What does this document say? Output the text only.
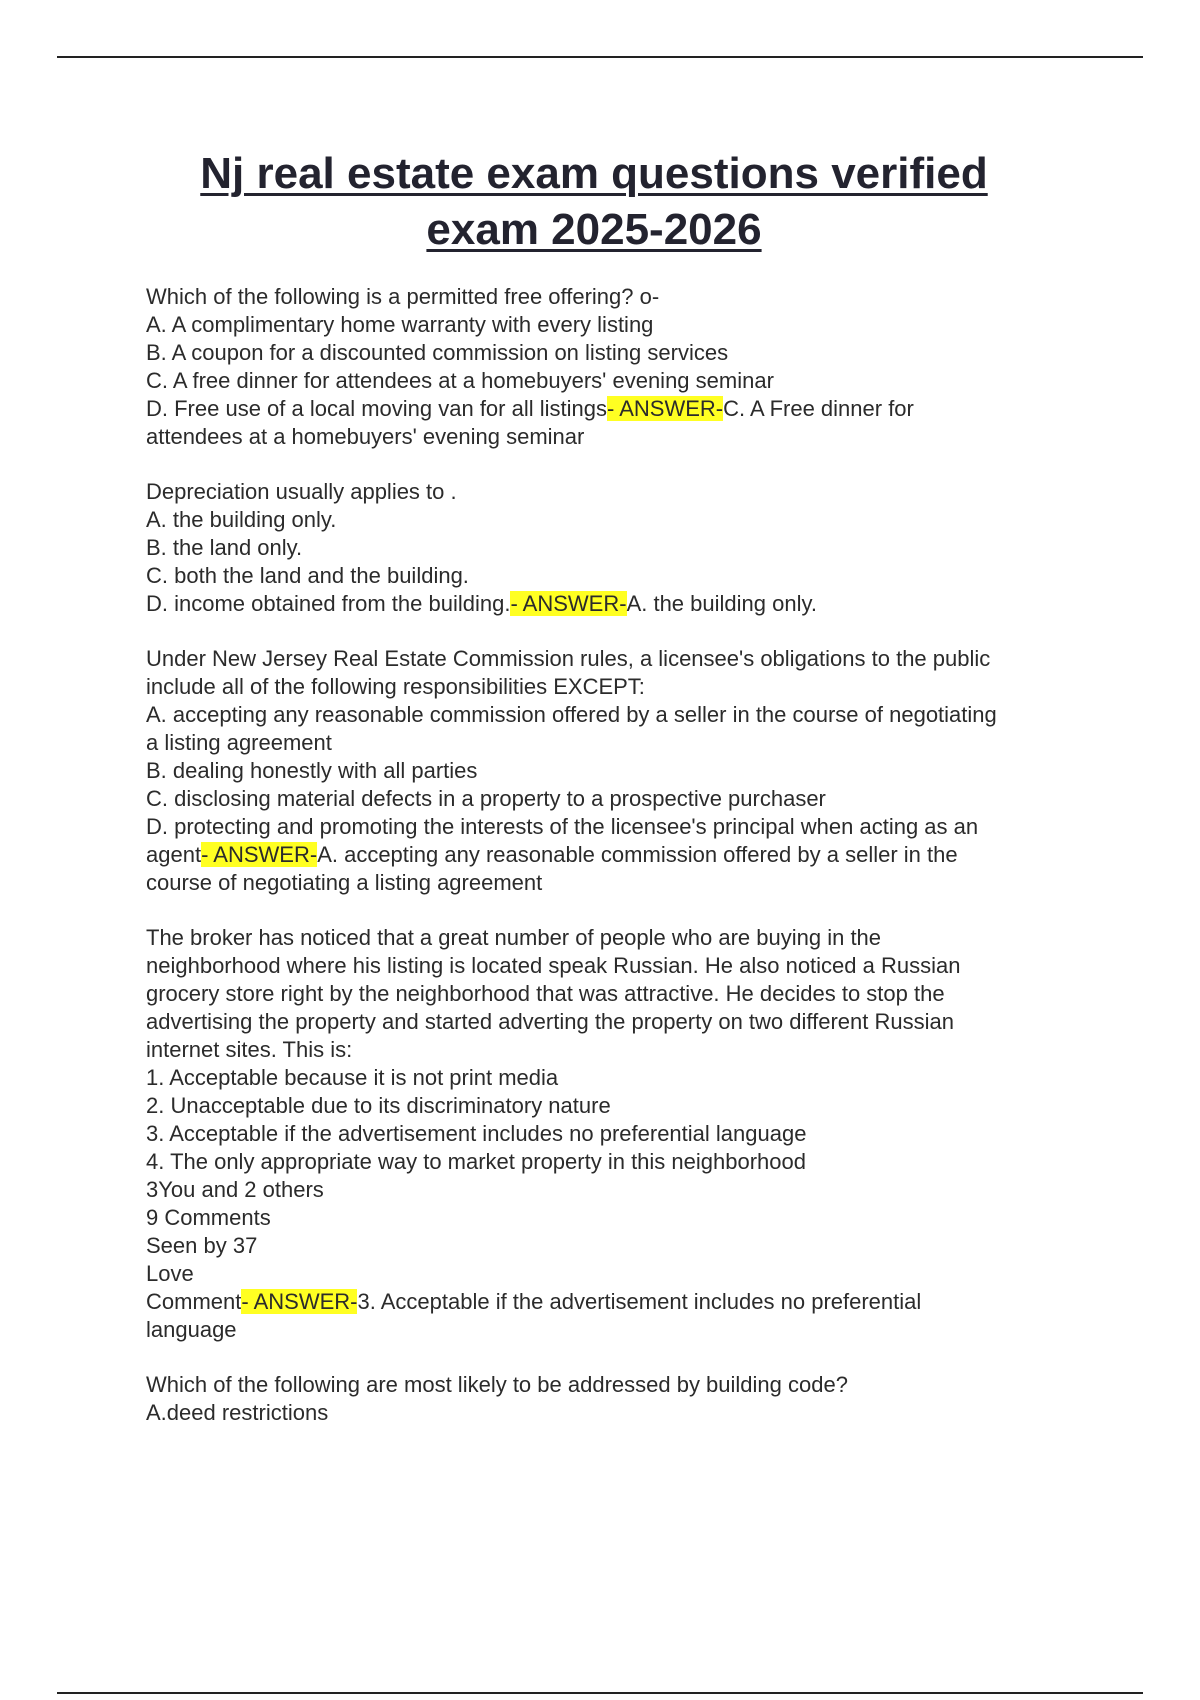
Nj real estate exam questions verified
exam 2025-2026
Which of the following is a permitted free offering? o-
A. A complimentary home warranty with every listing
B. A coupon for a discounted commission on listing services
C. A free dinner for attendees at a homebuyers' evening seminar
D. Free use of a local moving van for all listings- ANSWER-C. A Free dinner for
attendees at a homebuyers' evening seminar
Depreciation usually applies to .
A. the building only.
B. the land only.
C. both the land and the building.
D. income obtained from the building.- ANSWER-A. the building only.
Under New Jersey Real Estate Commission rules, a licensee's obligations to the public
include all of the following responsibilities EXCEPT:
A. accepting any reasonable commission offered by a seller in the course of negotiating
a listing agreement
B. dealing honestly with all parties
C. disclosing material defects in a property to a prospective purchaser
D. protecting and promoting the interests of the licensee's principal when acting as an
agent- ANSWER-A. accepting any reasonable commission offered by a seller in the
course of negotiating a listing agreement
The broker has noticed that a great number of people who are buying in the
neighborhood where his listing is located speak Russian. He also noticed a Russian
grocery store right by the neighborhood that was attractive. He decides to stop the
advertising the property and started adverting the property on two different Russian
internet sites. This is:
1. Acceptable because it is not print media
2. Unacceptable due to its discriminatory nature
3. Acceptable if the advertisement includes no preferential language
4. The only appropriate way to market property in this neighborhood
3You and 2 others
9 Comments
Seen by 37
Love
Comment- ANSWER-3. Acceptable if the advertisement includes no preferential
language
Which of the following are most likely to be addressed by building code?
A.deed restrictions
